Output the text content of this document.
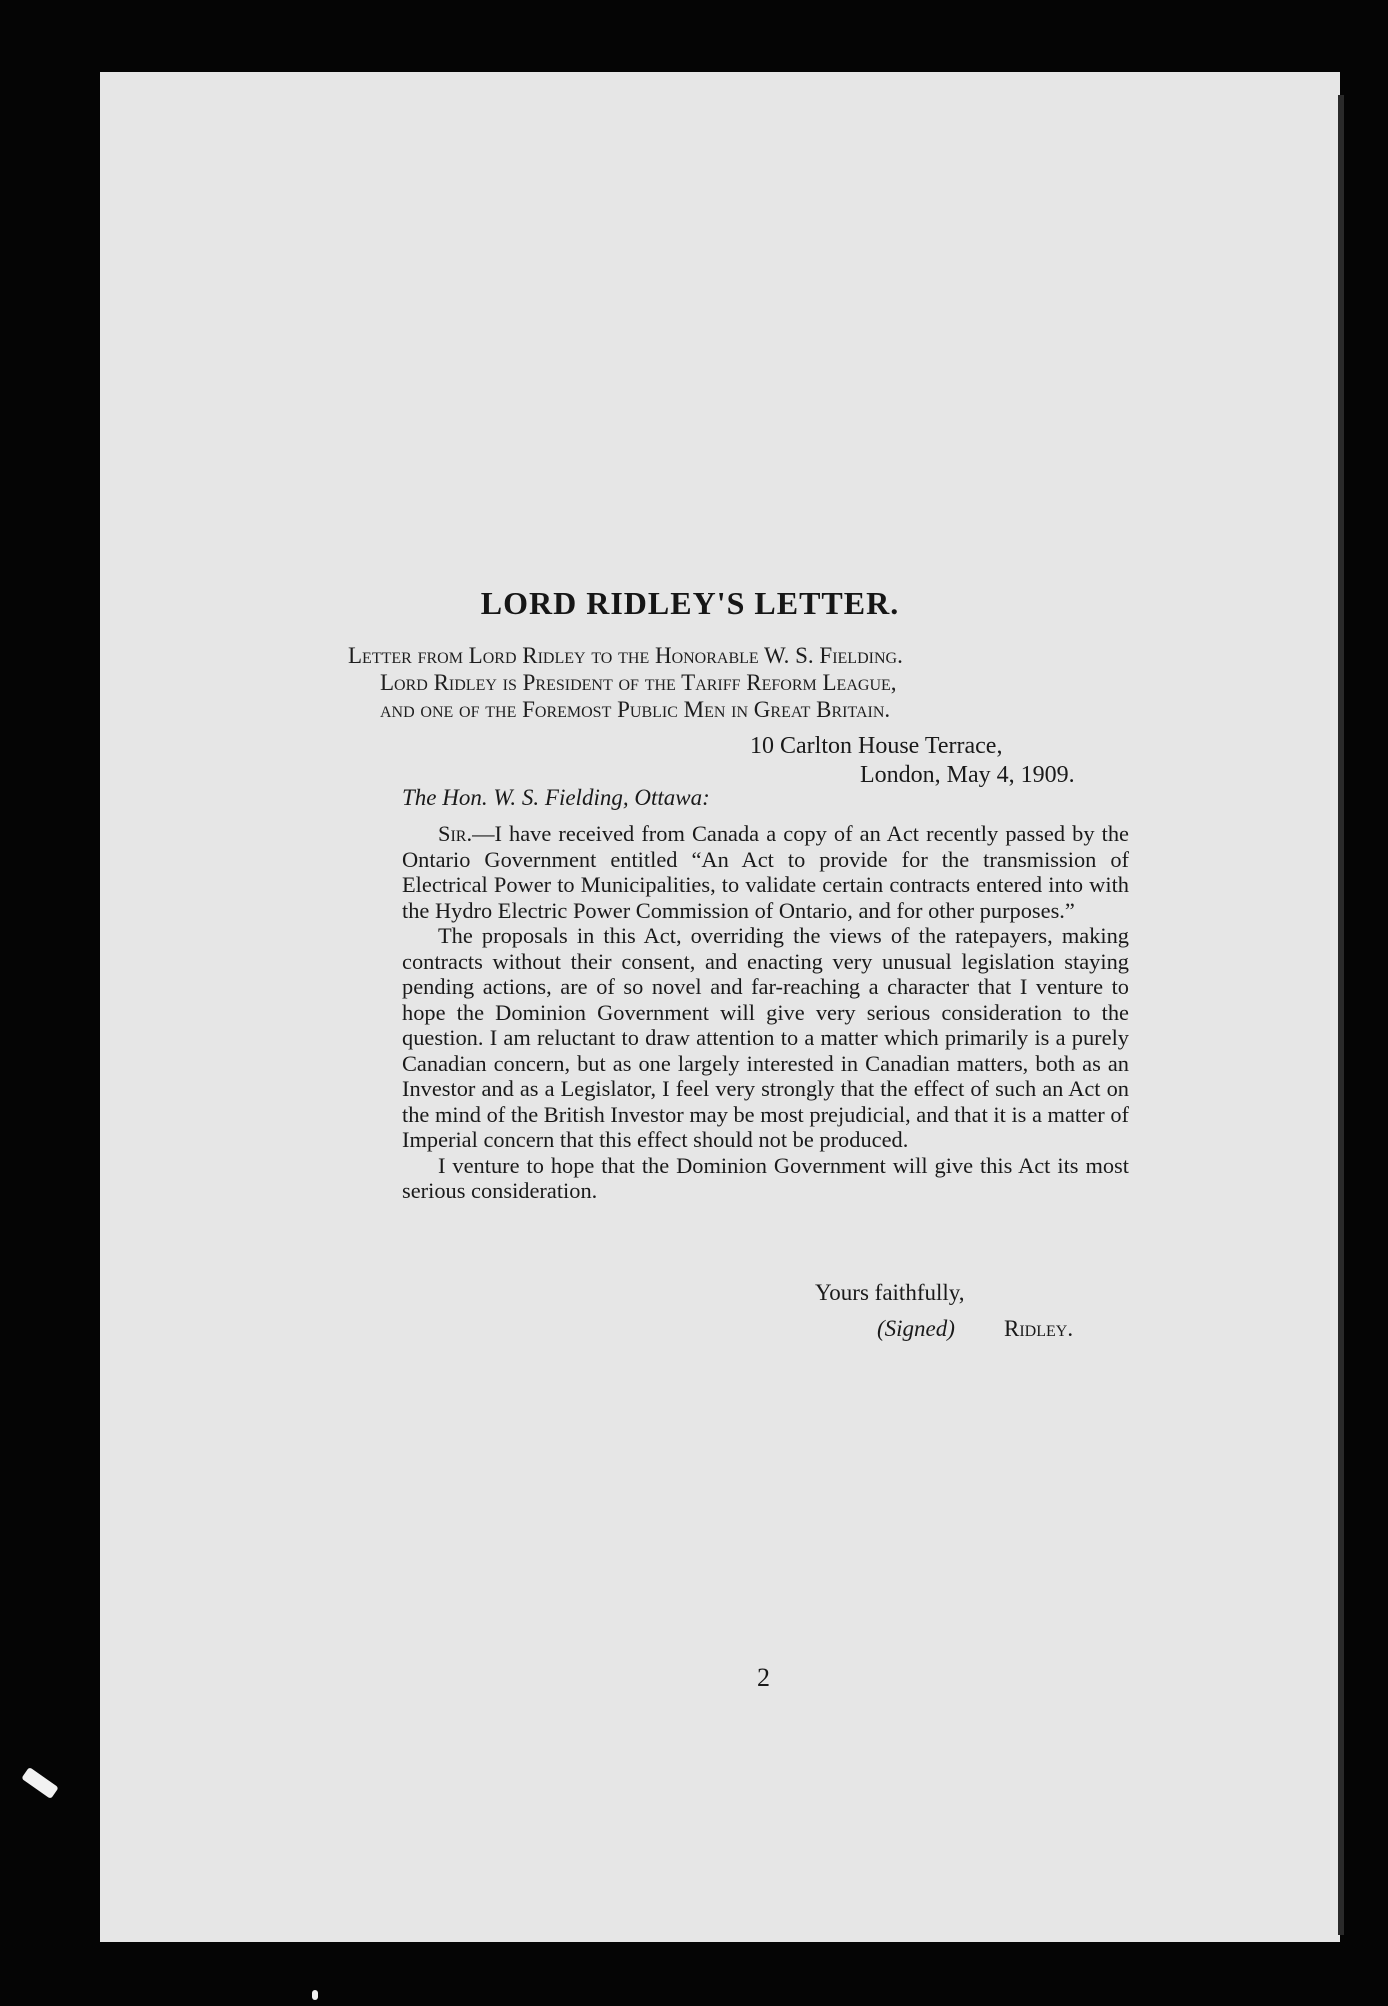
LORD RIDLEY'S LETTER.
Letter from Lord Ridley to the Honorable W. S. Fielding.
Lord Ridley is President of the Tariff Reform League,
and one of the Foremost Public Men in Great Britain.
10 Carlton House Terrace,
London, May 4, 1909.
The Hon. W. S. Fielding, Ottawa:

Sir.—I have received from Canada a copy of an Act recently passed by the Ontario Government entitled “An Act to provide for the transmission of Electrical Power to Municipalities, to validate certain contracts entered into with the Hydro Electric Power Commission of Ontario, and for other purposes.”

The proposals in this Act, overriding the views of the ratepayers, making contracts without their consent, and enacting very unusual legislation staying pending actions, are of so novel and far-reaching a character that I venture to hope the Dominion Government will give very serious consideration to the question. I am reluctant to draw attention to a matter which primarily is a purely Canadian concern, but as one largely interested in Canadian matters, both as an Investor and as a Legislator, I feel very strongly that the effect of such an Act on the mind of the British Investor may be most prejudicial, and that it is a matter of Imperial concern that this effect should not be produced.

I venture to hope that the Dominion Government will give this Act its most serious consideration.

Yours faithfully,
(Signed) Ridley.
2
